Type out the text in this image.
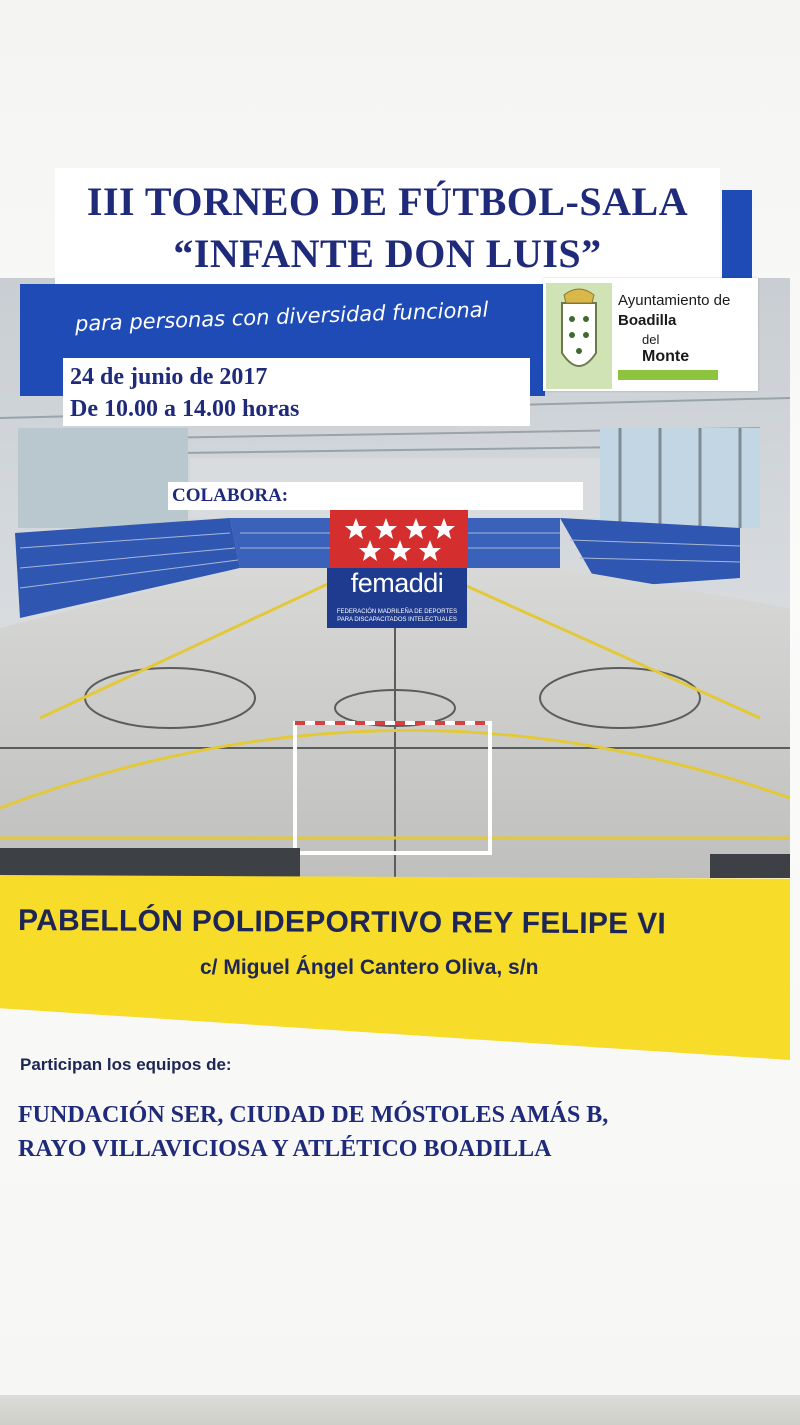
III TORNEO DE FÚTBOL-SALA
“INFANTE DON LUIS”
para personas con diversidad funcional
24 de junio de 2017
De 10.00 a 14.00 horas
Ayuntamiento de
Boadilla
del
Monte
COLABORA:
femaddi
FEDERACIÓN MADRILEÑA DE DEPORTES PARA DISCAPACITADOS INTELECTUALES
PABELLÓN POLIDEPORTIVO REY FELIPE VI
c/ Miguel Ángel Cantero Oliva, s/n
Participan los equipos de:
FUNDACIÓN SER, CIUDAD DE MÓSTOLES AMÁS B,
RAYO VILLAVICIOSA Y ATLÉTICO BOADILLA
